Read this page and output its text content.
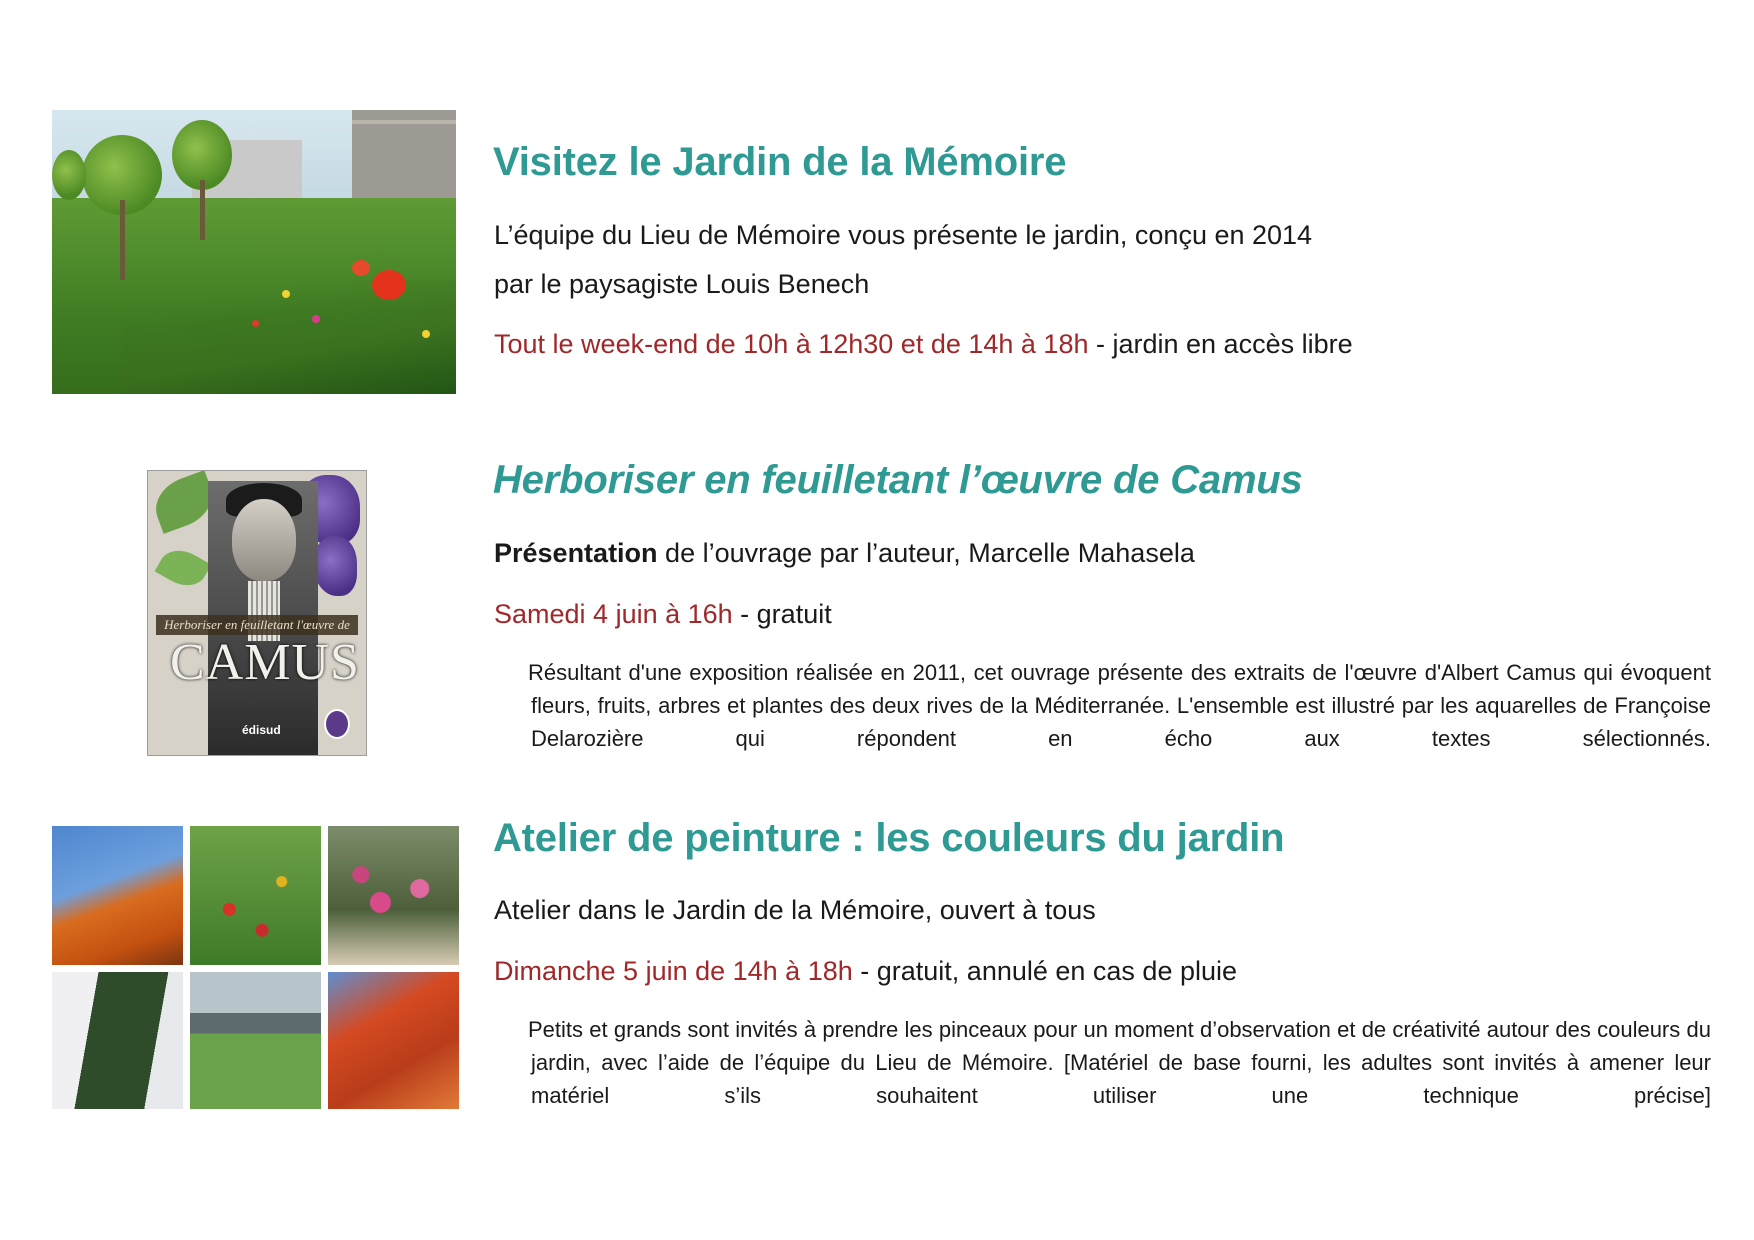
Visitez le Jardin de la Mémoire

L’équipe du Lieu de Mémoire vous présente le jardin, conçu en 2014

par le paysagiste Louis Benech

Tout le week-end de 10h à 12h30 et de 14h à 18h - jardin en accès libre

Herboriser en feuilletant l'œuvre de
CAMUS
édisud
Herboriser en feuilletant l’œuvre de Camus

Présentation de l’ouvrage par l’auteur, Marcelle Mahasela

Samedi 4 juin à 16h - gratuit

Résultant d'une exposition réalisée en 2011, cet ouvrage présente des extraits de l'œuvre d'Albert Camus qui évoquent fleurs, fruits, arbres et plantes des deux rives de la Méditerranée. L'ensemble est illustré par les aquarelles de Françoise Delarozière qui répondent en écho aux textes sélectionnés.

Atelier de peinture : les couleurs du jardin

Atelier dans le Jardin de la Mémoire, ouvert à tous

Dimanche 5 juin de 14h à 18h - gratuit, annulé en cas de pluie

Petits et grands sont invités à prendre les pinceaux pour un moment d’observation et de créativité autour des couleurs du jardin, avec l’aide de l’équipe du Lieu de Mémoire. [Matériel de base fourni, les adultes sont invités à amener leur matériel s’ils souhaitent utiliser une technique précise]
